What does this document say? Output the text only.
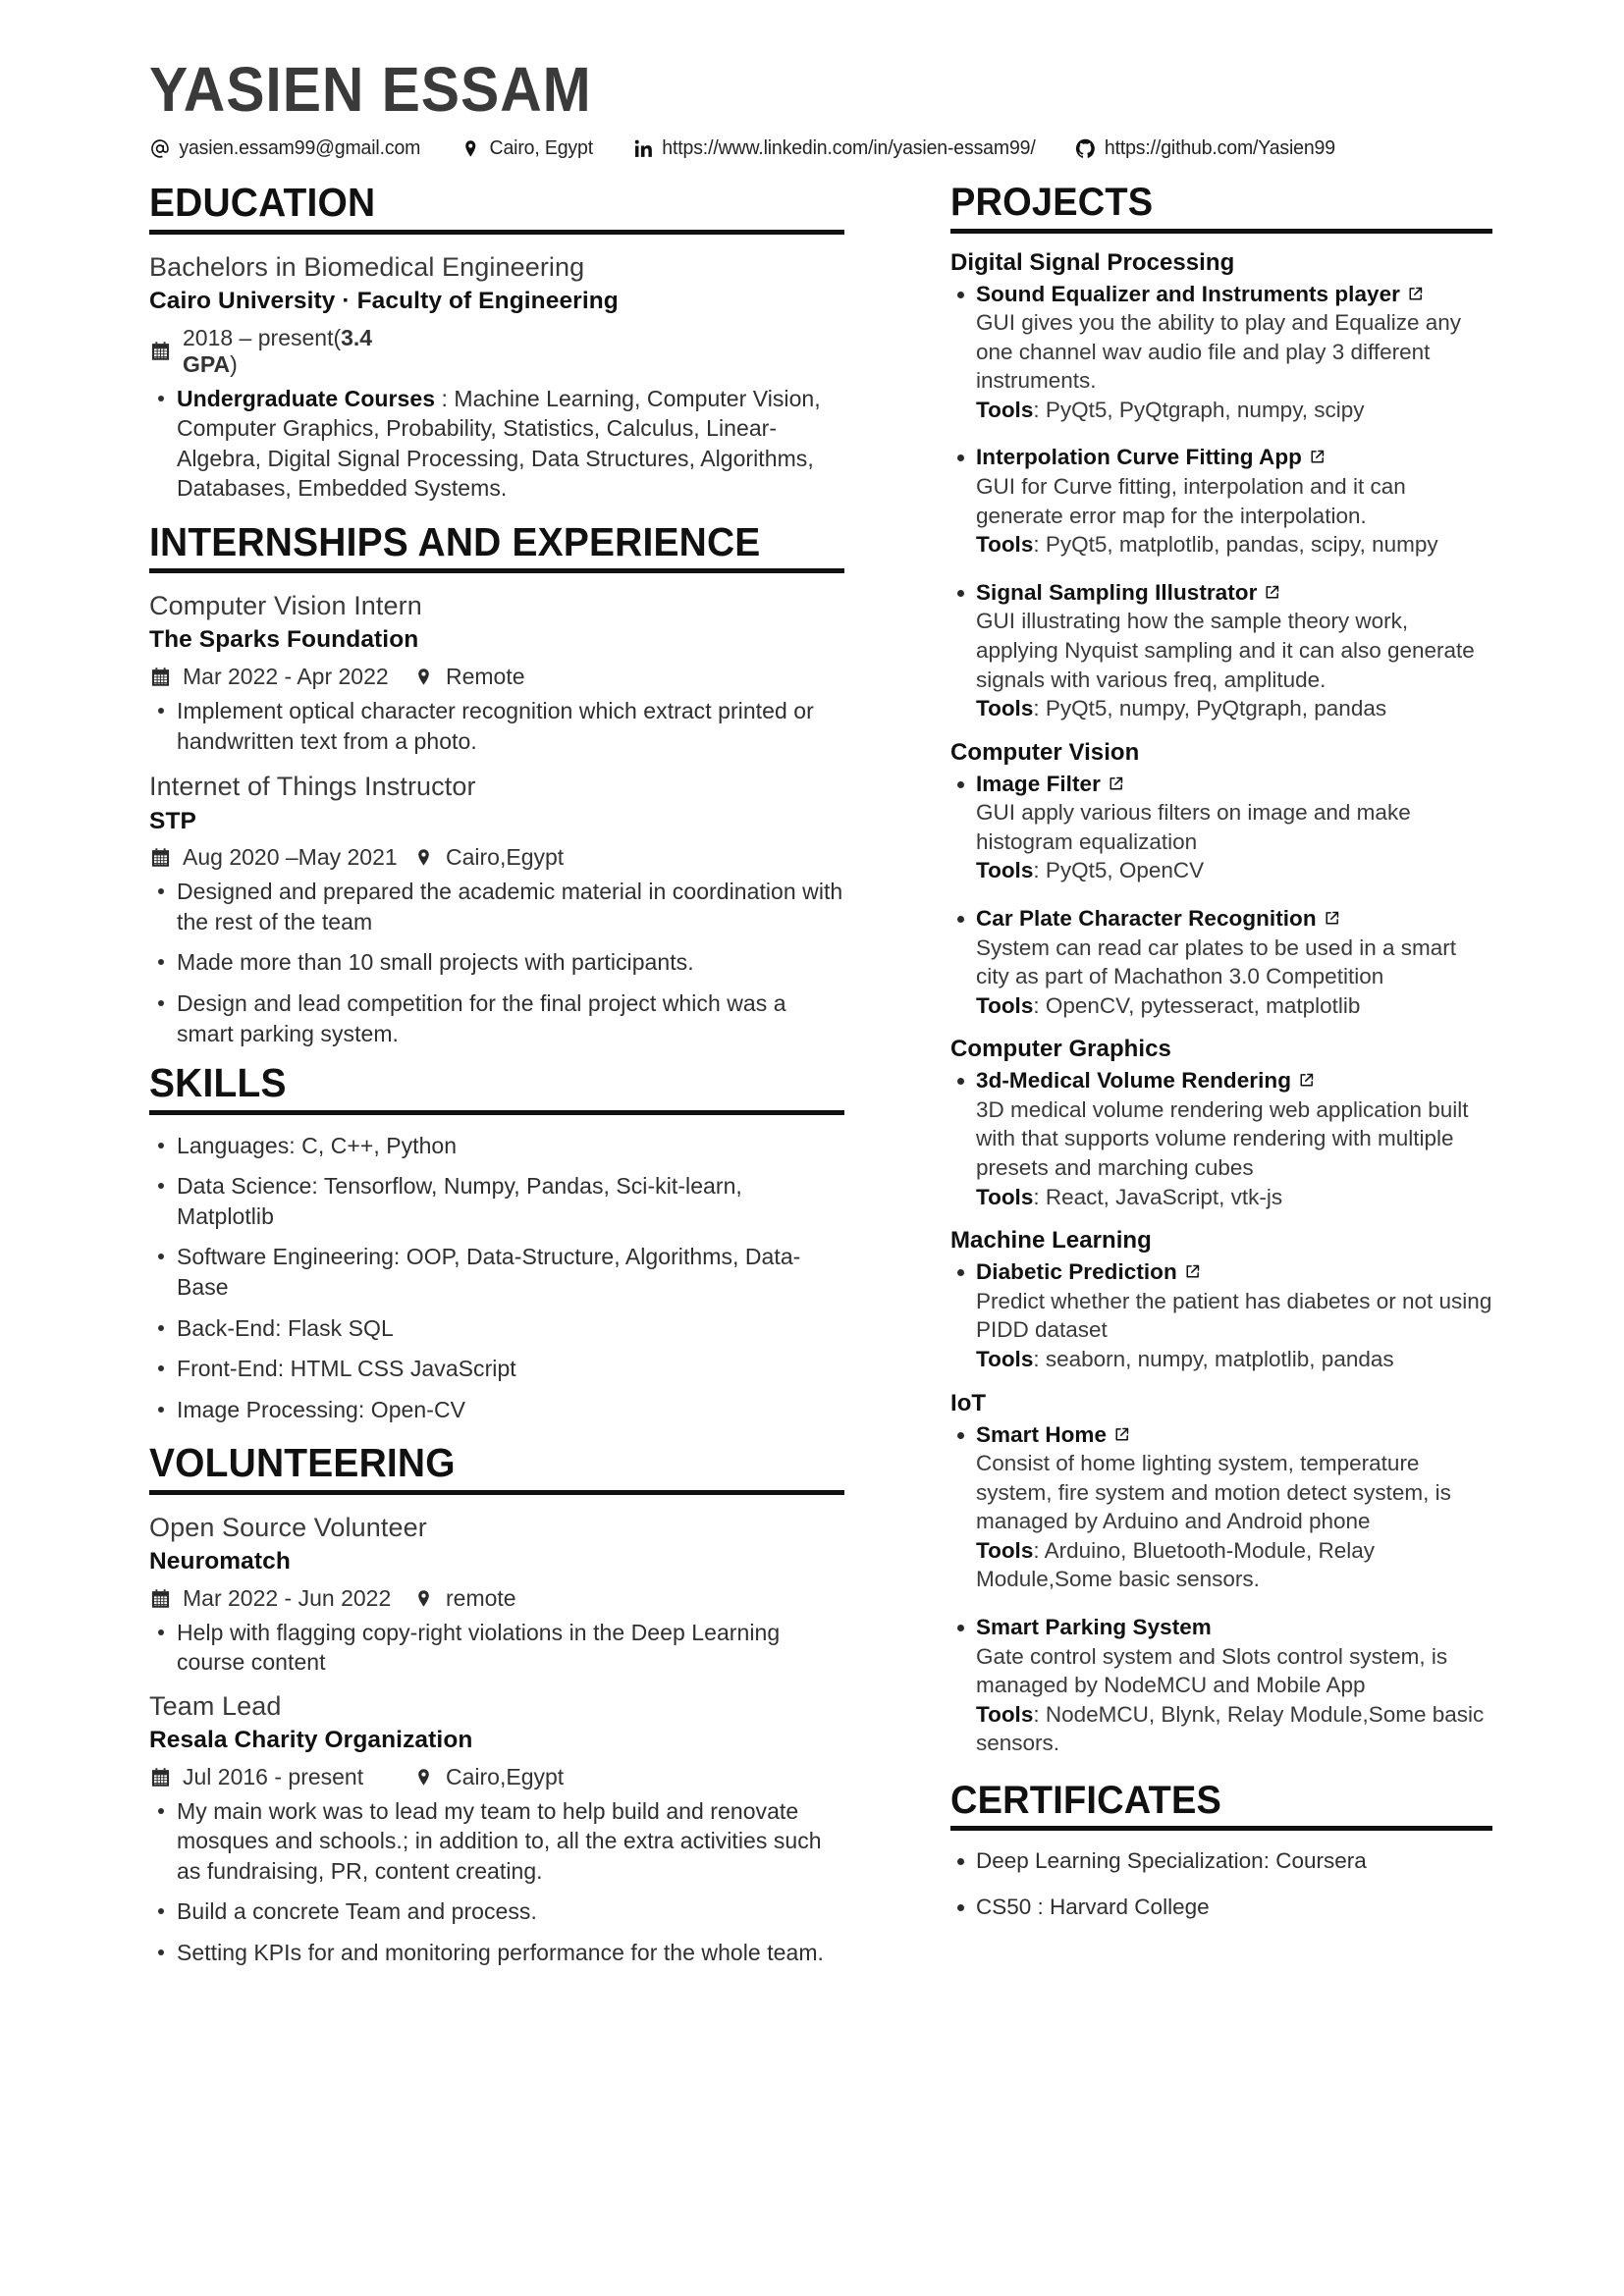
YASIEN ESSAM
yasien.essam99@gmail.com	Cairo, Egypt	https://www.linkedin.com/in/yasien-essam99/	https://github.com/Yasien99
EDUCATION
Bachelors in Biomedical Engineering
Cairo University · Faculty of Engineering
2018 – present(3.4 GPA)
Undergraduate Courses : Machine Learning, Computer Vision, Computer Graphics, Probability, Statistics, Calculus, Linear-Algebra, Digital Signal Processing, Data Structures, Algorithms, Databases, Embedded Systems.
INTERNSHIPS AND EXPERIENCE
Computer Vision Intern
The Sparks Foundation
Mar 2022 - Apr 2022	Remote
Implement optical character recognition which extract printed or handwritten text from a photo.
Internet of Things Instructor
STP
Aug 2020 –May 2021 Cairo,Egypt
Designed and prepared the academic material in coordination with the rest of the team
Made more than 10 small projects with participants.
Design and lead competition for the final project which was a smart parking system.
SKILLS
Languages: C, C++, Python
Data Science: Tensorflow, Numpy, Pandas, Sci-kit-learn, Matplotlib
Software Engineering: OOP, Data-Structure, Algorithms, Data-Base
Back-End: Flask SQL
Front-End: HTML CSS JavaScript
Image Processing: Open-CV
VOLUNTEERING
Open Source Volunteer
Neuromatch
Mar 2022 - Jun 2022 remote
Help with flagging copy-right violations in the Deep Learning course content
Team Lead
Resala Charity Organization
Jul 2016 - present	Cairo,Egypt
My main work was to lead my team to help build and renovate mosques and schools.; in addition to, all the extra activities such as fundraising, PR, content creating.
Build a concrete Team and process.
Setting KPIs for and monitoring performance for the whole team.
PROJECTS
Digital Signal Processing
Sound Equalizer and Instruments player
GUI gives you the ability to play and Equalize any one channel wav audio file and play 3 different instruments.
Tools: PyQt5, PyQtgraph, numpy, scipy
Interpolation Curve Fitting App
GUI for Curve fitting, interpolation and it can generate error map for the interpolation.
Tools: PyQt5, matplotlib, pandas, scipy, numpy
Signal Sampling Illustrator
GUI illustrating how the sample theory work, applying Nyquist sampling and it can also generate signals with various freq, amplitude.
Tools: PyQt5, numpy, PyQtgraph, pandas
Computer Vision
Image Filter
GUI apply various filters on image and make histogram equalization
Tools: PyQt5, OpenCV
Car Plate Character Recognition
System can read car plates to be used in a smart city as part of Machathon 3.0 Competition
Tools: OpenCV, pytesseract, matplotlib
Computer Graphics
3d-Medical Volume Rendering
3D medical volume rendering web application built with that supports volume rendering with multiple presets and marching cubes
Tools: React, JavaScript, vtk-js
Machine Learning
Diabetic Prediction
Predict whether the patient has diabetes or not using PIDD dataset
Tools: seaborn, numpy, matplotlib, pandas
IoT
Smart Home
Consist of home lighting system, temperature system, fire system and motion detect system, is managed by Arduino and Android phone
Tools: Arduino, Bluetooth-Module, Relay Module,Some basic sensors.
Smart Parking System
Gate control system and Slots control system, is managed by NodeMCU and Mobile App
Tools: NodeMCU, Blynk, Relay Module,Some basic sensors.
CERTIFICATES
Deep Learning Specialization: Coursera
CS50 : Harvard College
